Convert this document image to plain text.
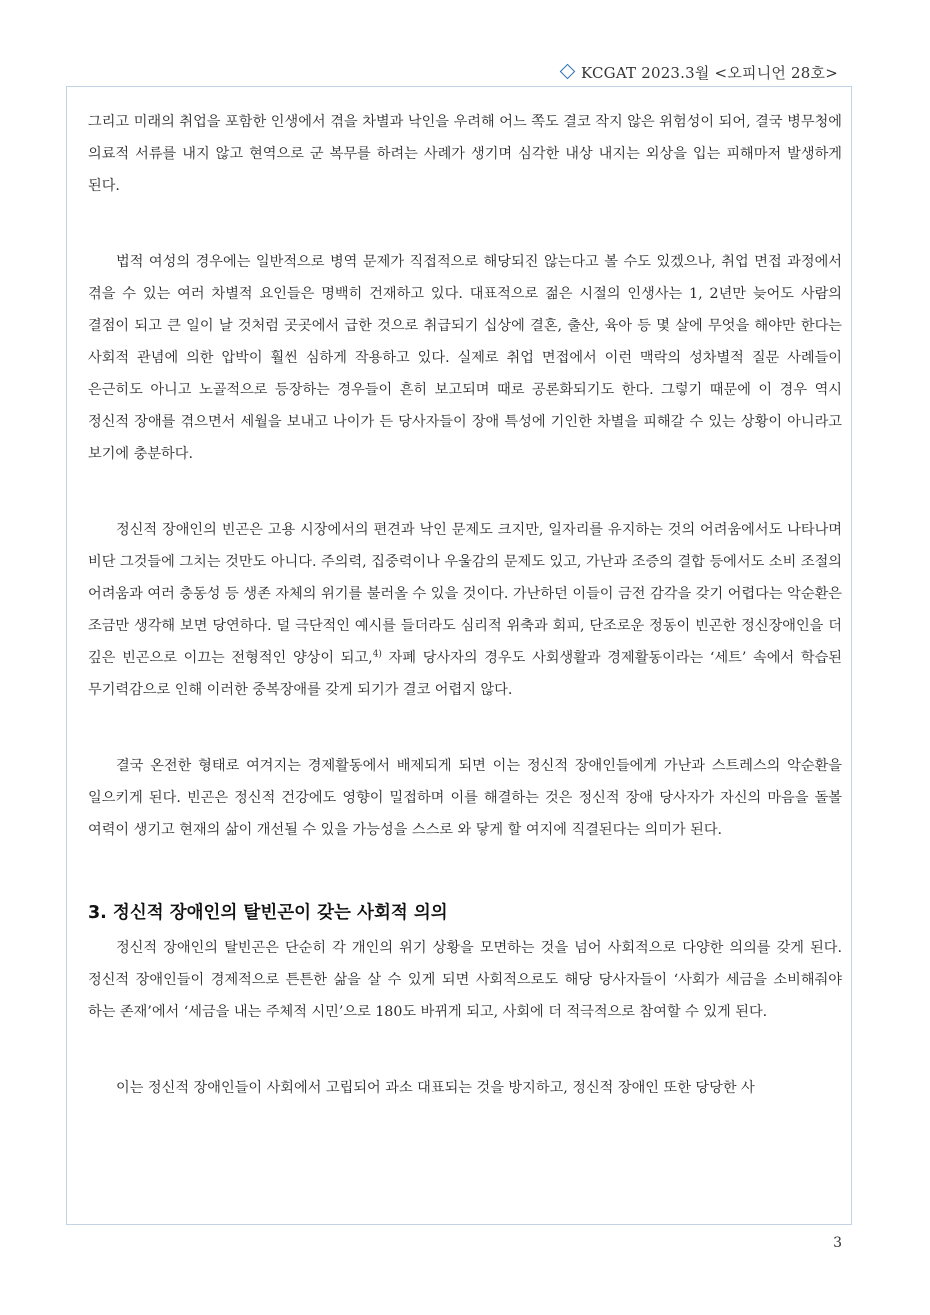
KCGAT 2023.3월 <오피니언 28호>

그리고 미래의 취업을 포함한 인생에서 겪을 차별과 낙인을 우려해 어느 쪽도 결코 작지 않은 위험성이 되어, 결국 병무청에 의료적 서류를 내지 않고 현역으로 군 복무를 하려는 사례가 생기며 심각한 내상 내지는 외상을 입는 피해마저 발생하게 된다.

법적 여성의 경우에는 일반적으로 병역 문제가 직접적으로 해당되진 않는다고 볼 수도 있겠으나, 취업 면접 과정에서 겪을 수 있는 여러 차별적 요인들은 명백히 건재하고 있다. 대표적으로 젊은 시절의 인생사는 1, 2년만 늦어도 사람의 결점이 되고 큰 일이 날 것처럼 곳곳에서 급한 것으로 취급되기 십상에 결혼, 출산, 육아 등 몇 살에 무엇을 해야만 한다는 사회적 관념에 의한 압박이 훨씬 심하게 작용하고 있다. 실제로 취업 면접에서 이런 맥락의 성차별적 질문 사례들이 은근히도 아니고 노골적으로 등장하는 경우들이 흔히 보고되며 때로 공론화되기도 한다. 그렇기 때문에 이 경우 역시 정신적 장애를 겪으면서 세월을 보내고 나이가 든 당사자들이 장애 특성에 기인한 차별을 피해갈 수 있는 상황이 아니라고 보기에 충분하다.

정신적 장애인의 빈곤은 고용 시장에서의 편견과 낙인 문제도 크지만, 일자리를 유지하는 것의 어려움에서도 나타나며 비단 그것들에 그치는 것만도 아니다. 주의력, 집중력이나 우울감의 문제도 있고, 가난과 조증의 결합 등에서도 소비 조절의 어려움과 여러 충동성 등 생존 자체의 위기를 불러올 수 있을 것이다. 가난하던 이들이 금전 감각을 갖기 어렵다는 악순환은 조금만 생각해 보면 당연하다. 덜 극단적인 예시를 들더라도 심리적 위축과 회피, 단조로운 정동이 빈곤한 정신장애인을 더 깊은 빈곤으로 이끄는 전형적인 양상이 되고,$^{4)}$ 자폐 당사자의 경우도 사회생활과 경제활동이라는 ‘세트’ 속에서 학습된 무기력감으로 인해 이러한 중복장애를 갖게 되기가 결코 어렵지 않다.

결국 온전한 형태로 여겨지는 경제활동에서 배제되게 되면 이는 정신적 장애인들에게 가난과 스트레스의 악순환을 일으키게 된다. 빈곤은 정신적 건강에도 영향이 밀접하며 이를 해결하는 것은 정신적 장애 당사자가 자신의 마음을 돌볼 여력이 생기고 현재의 삶이 개선될 수 있을 가능성을 스스로 와 닿게 할 여지에 직결된다는 의미가 된다.

3. 정신적 장애인의 탈빈곤이 갖는 사회적 의의

정신적 장애인의 탈빈곤은 단순히 각 개인의 위기 상황을 모면하는 것을 넘어 사회적으로 다양한 의의를 갖게 된다. 정신적 장애인들이 경제적으로 튼튼한 삶을 살 수 있게 되면 사회적으로도 해당 당사자들이 ‘사회가 세금을 소비해줘야 하는 존재’에서 ‘세금을 내는 주체적 시민’으로 180도 바뀌게 되고, 사회에 더 적극적으로 참여할 수 있게 된다.

이는 정신적 장애인들이 사회에서 고립되어 과소 대표되는 것을 방지하고, 정신적 장애인 또한 당당한 사

3
